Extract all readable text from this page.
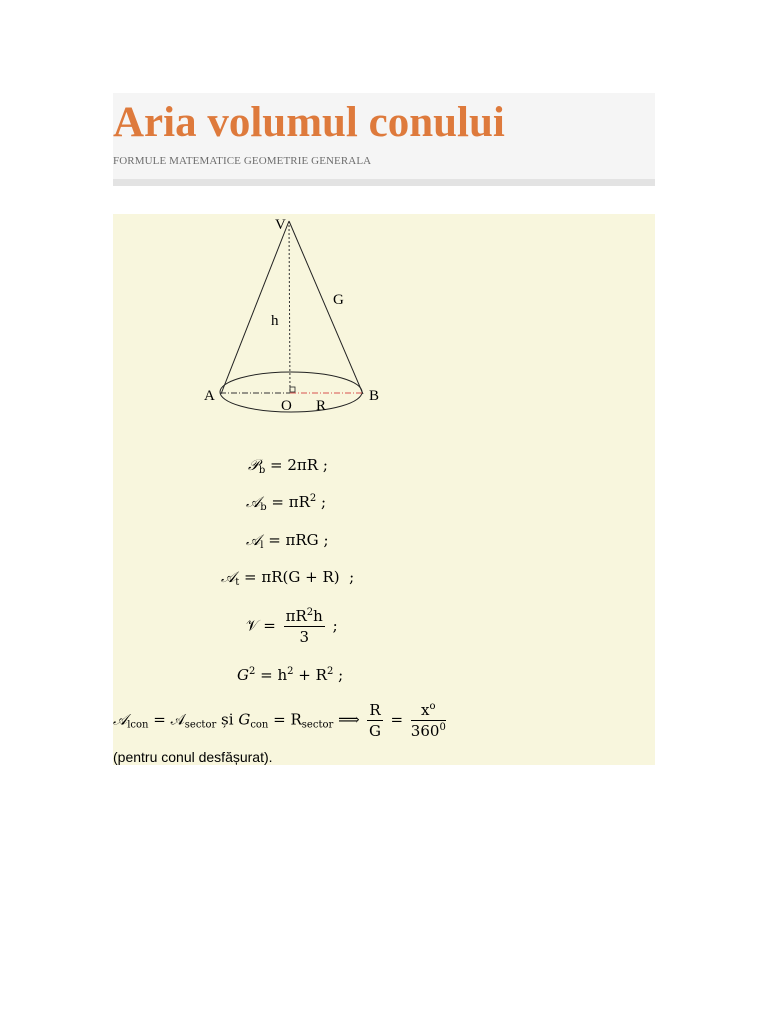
Aria volumul conului

FORMULE MATEMATICE GEOMETRIE GENERALA

V
G
h
A	B
O R
𝒫$_b$ = 2πR ;
𝒜$_b$ = $\pi R^2$ ;
𝒜$_l$ = πRG ;
𝒜$_t$ = πR(G + R) ;
𝒱 = $\frac{\pi R^2h}{3}$ ;
$G^2 = h^2 + R^2$ ;
𝒜$_{lcon}$ = 𝒜$_{sector}$ și $G_{con} = R_{sector}$ ⟹ $\frac{R}{G} = \frac{x^o}{360^0}$
(pentru conul desfășurat).
